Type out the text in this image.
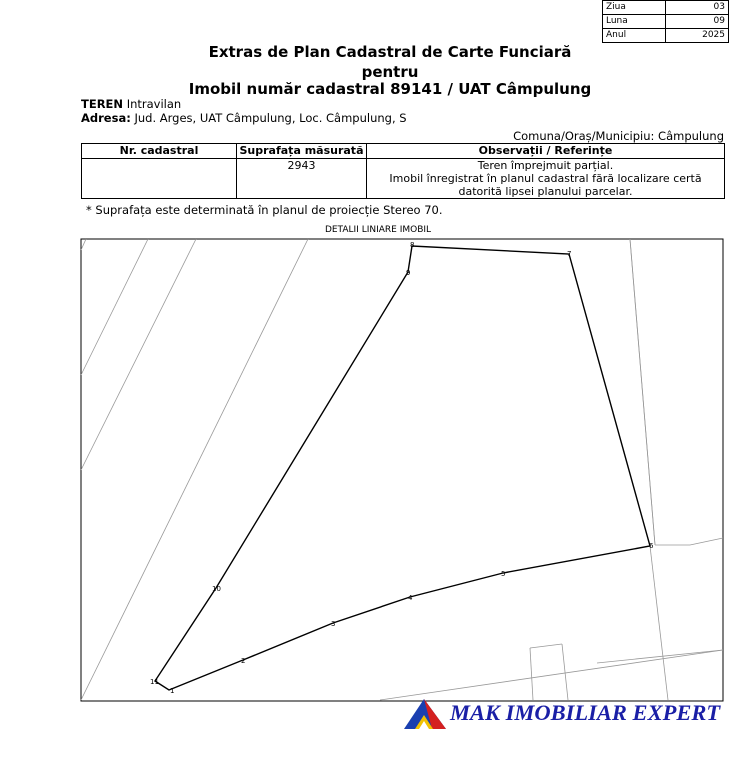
Ziua	03
Luna	09
Anul	2025
Extras de Plan Cadastral de Carte Funciară
pentru
Imobil număr cadastral 89141 / UAT Câmpulung
TEREN Intravilan
Adresa: Jud. Arges, UAT Câmpulung, Loc. Câmpulung, S
Comuna/Oraș/Municipiu: Câmpulung
Nr. cadastral	Suprafața măsurată	Observații / Referințe
	2943	Teren împrejmuit parțial.
Imobil înregistrat în planul cadastral fără localizare certă
datorită lipsei planului parcelar.
* Suprafața este determinată în planul de proiecție Stereo 70.
DETALII LINIARE IMOBIL
1
2
3
4
5
6
7
8
9
10
11
MAK IMOBILIAR EXPERT
